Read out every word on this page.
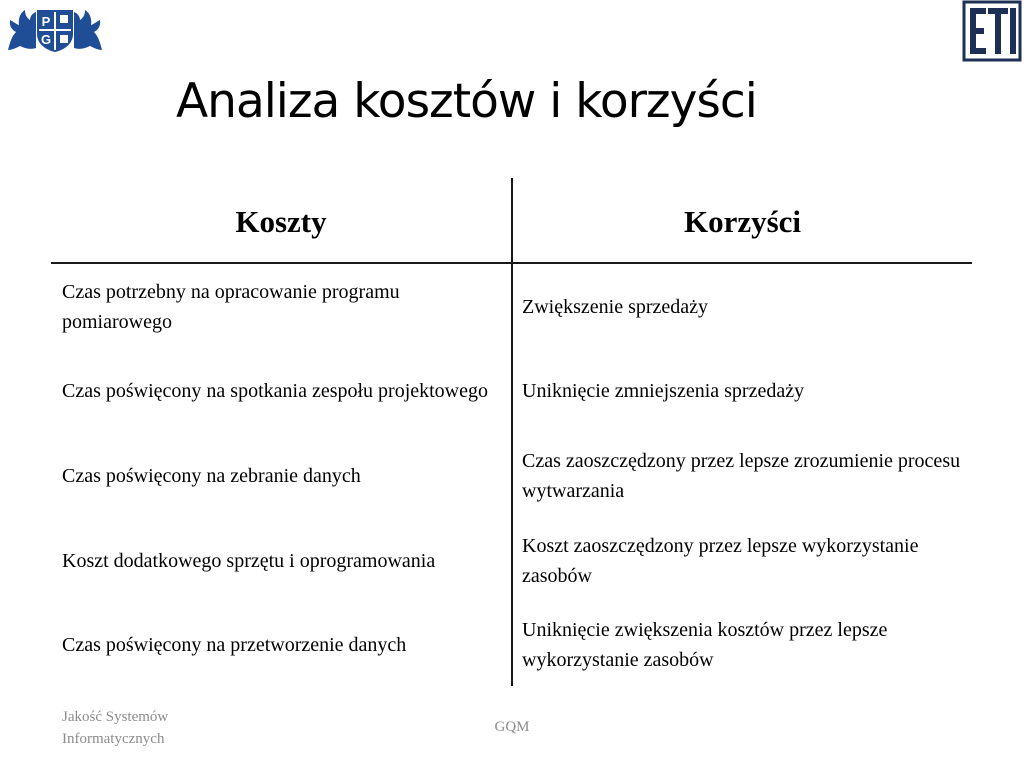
P
G
Analiza kosztów i korzyści
Koszty	Korzyści
Czas potrzebny na opracowanie programu pomiarowego
Zwiększenie sprzedaży
Czas poświęcony na spotkania zespołu projektowego Uniknięcie zmniejszenia sprzedaży
Czas poświęcony na zebranie danych
Czas zaoszczędzony przez lepsze zrozumienie procesu wytwarzania
Koszt dodatkowego sprzętu i oprogramowania
Koszt zaoszczędzony przez lepsze wykorzystanie zasobów
Czas poświęcony na przetworzenie danych
Uniknięcie zwiększenia kosztów przez lepsze wykorzystanie zasobów
Jakość Systemów Informatycznych
GQM
